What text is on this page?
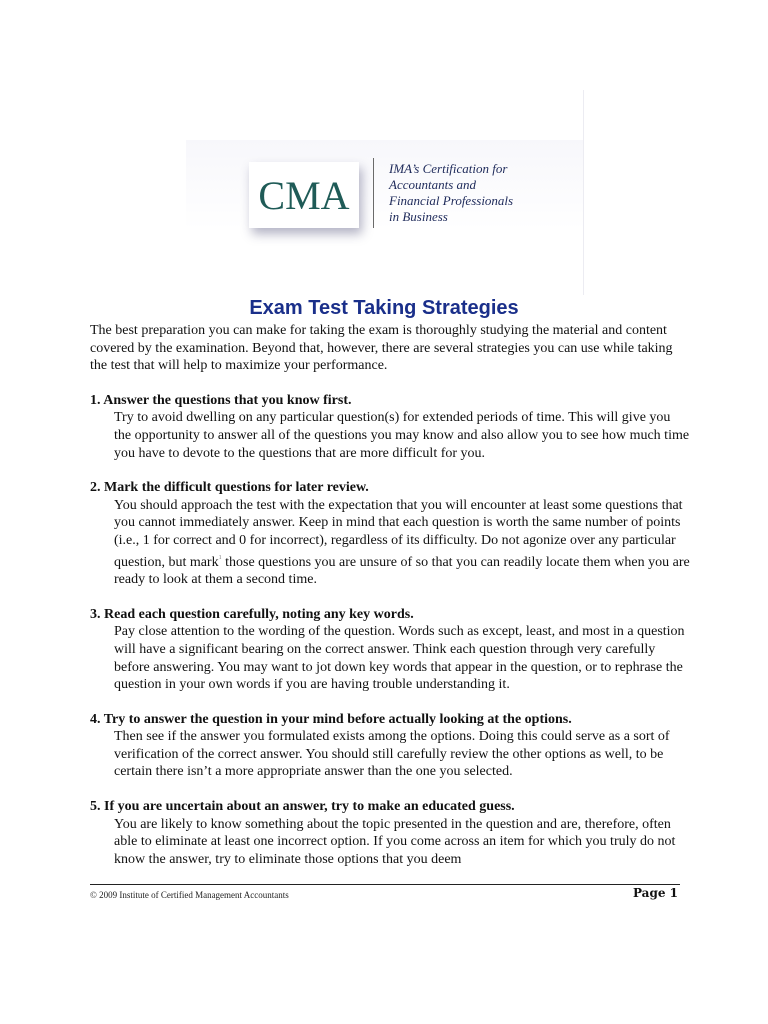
CMA
IMA’s Certification for
Accountants and
Financial Professionals
in Business
Exam Test Taking Strategies

The best preparation you can make for taking the exam is thoroughly studying the material and content covered by the examination. Beyond that, however, there are several strategies you can use while taking the test that will help to maximize your performance.

1. Answer the questions that you know first.

Try to avoid dwelling on any particular question(s) for extended periods of time. This will give you the opportunity to answer all of the questions you may know and also allow you to see how much time you have to devote to the questions that are more difficult for you.

2. Mark the difficult questions for later review.

You should approach the test with the expectation that you will encounter at least some questions that you cannot immediately answer. Keep in mind that each question is worth the same number of points (i.e., 1 for correct and 0 for incorrect), regardless of its difficulty. Do not agonize over any particular question, but mark$^1$ those questions you are unsure of so that you can readily locate them when you are ready to look at them a second time.

3. Read each question carefully, noting any key words.

Pay close attention to the wording of the question. Words such as except, least, and most in a question will have a significant bearing on the correct answer. Think each question through very carefully before answering. You may want to jot down key words that appear in the question, or to rephrase the question in your own words if you are having trouble understanding it.

4. Try to answer the question in your mind before actually looking at the options.

Then see if the answer you formulated exists among the options. Doing this could serve as a sort of verification of the correct answer. You should still carefully review the other options as well, to be certain there isn’t a more appropriate answer than the one you selected.

5. If you are uncertain about an answer, try to make an educated guess.

You are likely to know something about the topic presented in the question and are, therefore, often able to eliminate at least one incorrect option. If you come across an item for which you truly do not know the answer, try to eliminate those options that you deem

© 2009 Institute of Certified Management Accountants	Page 1
